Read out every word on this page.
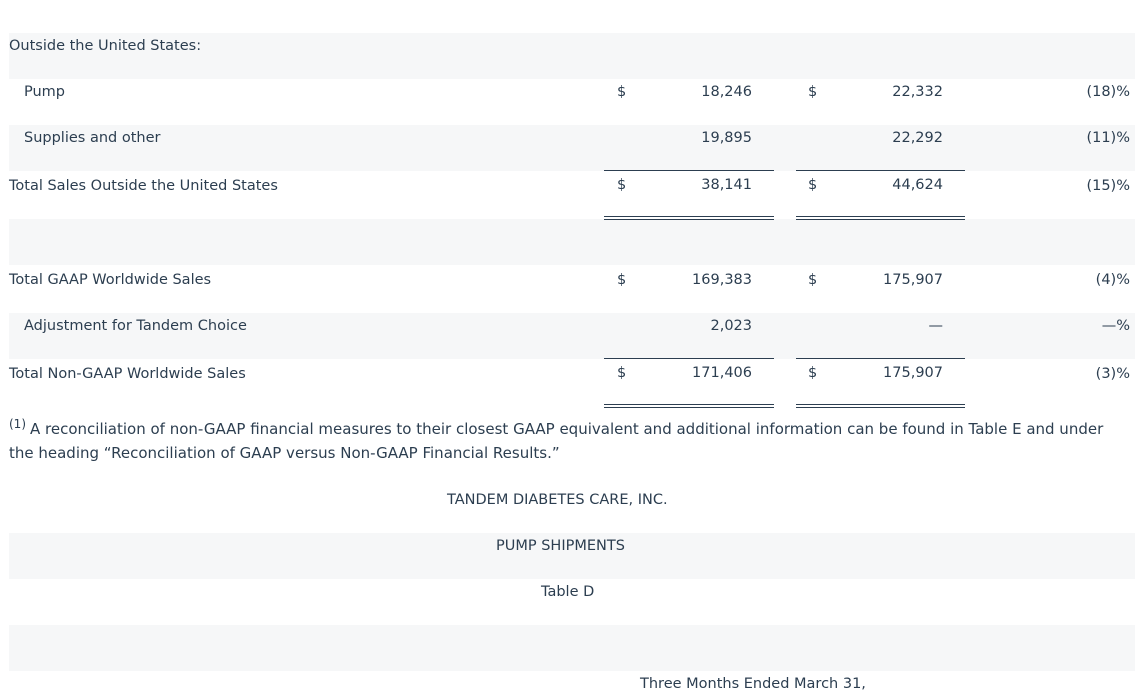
Outside the United States:
Pump	$	18,246	$	22,332	(18)%
Supplies and other	19,895	22,292	(11)%
Total Sales Outside the United States	$	38,141	$	44,624	(15)%
Total GAAP Worldwide Sales	$	169,383	$	175,907	(4)%
Adjustment for Tandem Choice	2,023	—	—%
Total Non-GAAP Worldwide Sales	$	171,406	$	175,907	(3)%
$^{(1)}$ A reconciliation of non-GAAP financial measures to their closest GAAP equivalent and additional information can be found in Table E and under the heading “Reconciliation of GAAP versus Non-GAAP Financial Results.”
TANDEM DIABETES CARE, INC.
PUMP SHIPMENTS
Table D
Three Months Ended March 31,
